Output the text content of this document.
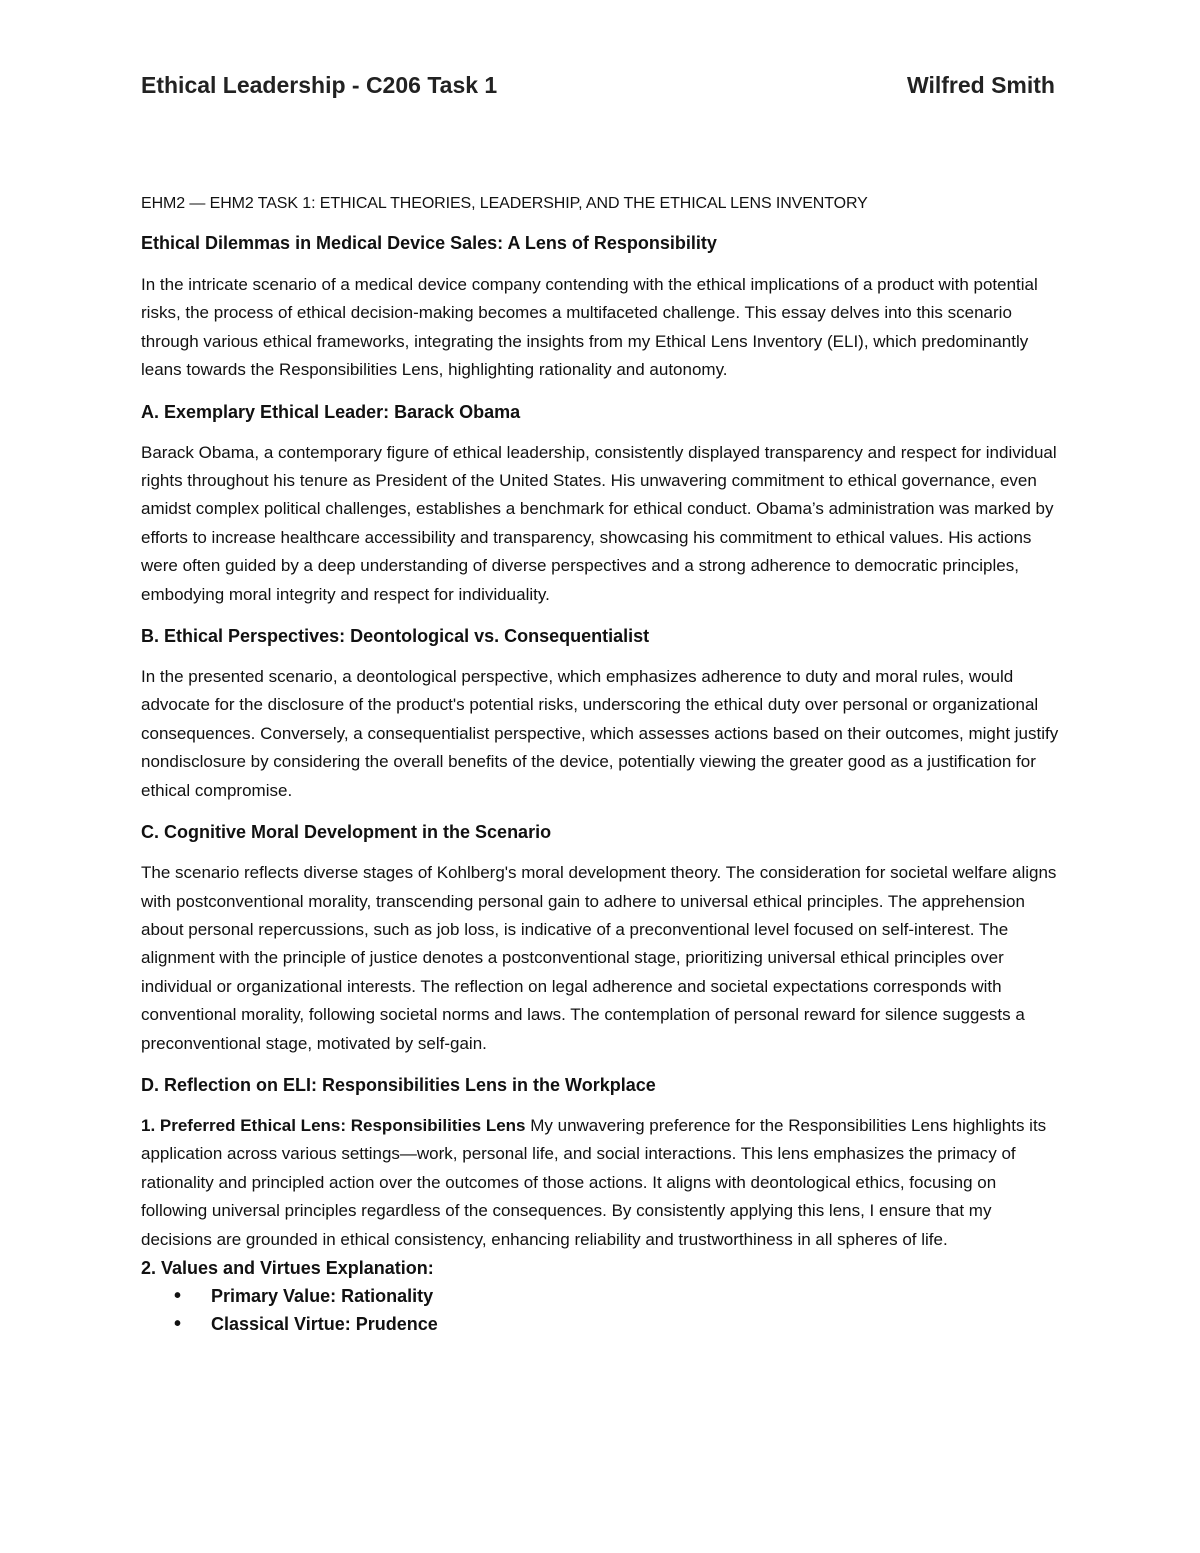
Ethical Leadership - C206 Task 1	Wilfred Smith
EHM2 — EHM2 TASK 1: ETHICAL THEORIES, LEADERSHIP, AND THE ETHICAL LENS INVENTORY
Ethical Dilemmas in Medical Device Sales: A Lens of Responsibility

In the intricate scenario of a medical device company contending with the ethical implications of a product with potential risks, the process of ethical decision-making becomes a multifaceted challenge. This essay delves into this scenario through various ethical frameworks, integrating the insights from my Ethical Lens Inventory (ELI), which predominantly leans towards the Responsibilities Lens, highlighting rationality and autonomy.

A. Exemplary Ethical Leader: Barack Obama

Barack Obama, a contemporary figure of ethical leadership, consistently displayed transparency and respect for individual rights throughout his tenure as President of the United States. His unwavering commitment to ethical governance, even amidst complex political challenges, establishes a benchmark for ethical conduct. Obama’s administration was marked by efforts to increase healthcare accessibility and transparency, showcasing his commitment to ethical values. His actions were often guided by a deep understanding of diverse perspectives and a strong adherence to democratic principles, embodying moral integrity and respect for individuality.

B. Ethical Perspectives: Deontological vs. Consequentialist

In the presented scenario, a deontological perspective, which emphasizes adherence to duty and moral rules, would advocate for the disclosure of the product's potential risks, underscoring the ethical duty over personal or organizational consequences. Conversely, a consequentialist perspective, which assesses actions based on their outcomes, might justify nondisclosure by considering the overall benefits of the device, potentially viewing the greater good as a justification for ethical compromise.

C. Cognitive Moral Development in the Scenario

The scenario reflects diverse stages of Kohlberg's moral development theory. The consideration for societal welfare aligns with postconventional morality, transcending personal gain to adhere to universal ethical principles. The apprehension about personal repercussions, such as job loss, is indicative of a preconventional level focused on self-interest. The alignment with the principle of justice denotes a postconventional stage, prioritizing universal ethical principles over individual or organizational interests. The reflection on legal adherence and societal expectations corresponds with conventional morality, following societal norms and laws. The contemplation of personal reward for silence suggests a preconventional stage, motivated by self-gain.

D. Reflection on ELI: Responsibilities Lens in the Workplace

1. Preferred Ethical Lens: Responsibilities Lens My unwavering preference for the Responsibilities Lens highlights its application across various settings—work, personal life, and social interactions. This lens emphasizes the primacy of rationality and principled action over the outcomes of those actions. It aligns with deontological ethics, focusing on following universal principles regardless of the consequences. By consistently applying this lens, I ensure that my decisions are grounded in ethical consistency, enhancing reliability and trustworthiness in all spheres of life.

2. Values and Virtues Explanation:
• Primary Value: Rationality
• Classical Virtue: Prudence
